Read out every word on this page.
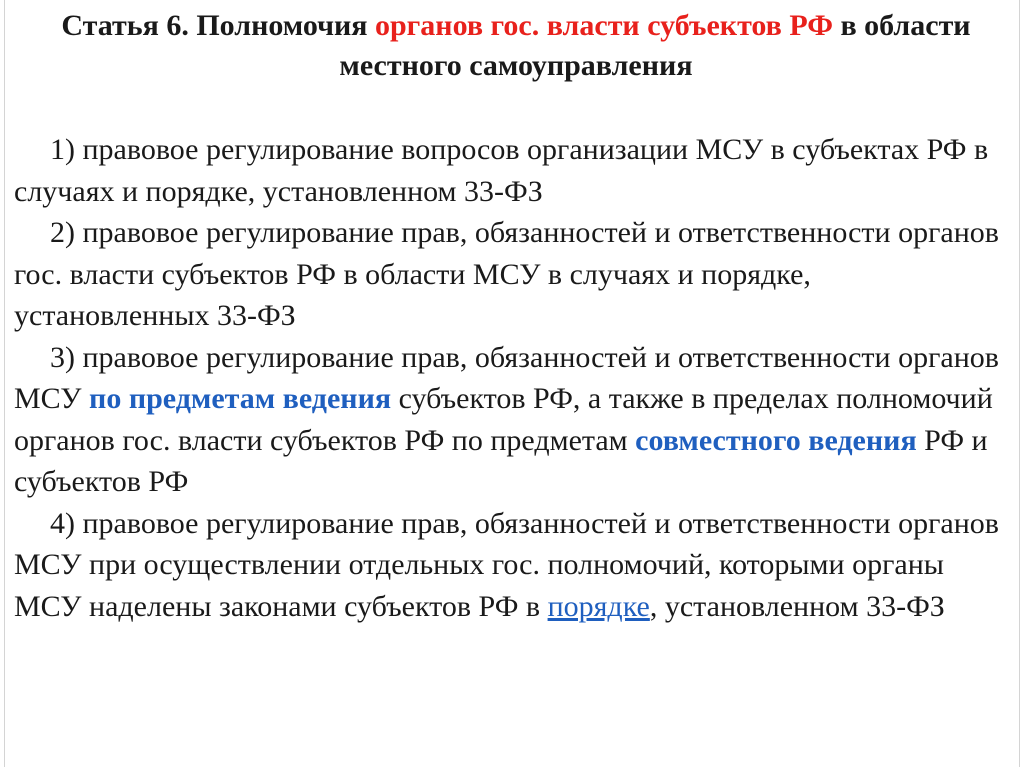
Статья 6. Полномочия органов гос. власти субъектов РФ в области местного самоуправления

1) правовое регулирование вопросов организации МСУ в субъектах РФ в случаях и порядке, установленном 33-ФЗ

2) правовое регулирование прав, обязанностей и ответственности органов гос. власти субъектов РФ в области МСУ в случаях и порядке, установленных 33-ФЗ

3) правовое регулирование прав, обязанностей и ответственности органов МСУ по предметам ведения субъектов РФ, а также в пределах полномочий органов гос. власти субъектов РФ по предметам совместного ведения РФ и субъектов РФ

4) правовое регулирование прав, обязанностей и ответственности органов МСУ при осуществлении отдельных гос. полномочий, которыми органы МСУ наделены законами субъектов РФ в порядке, установленном 33-ФЗ
